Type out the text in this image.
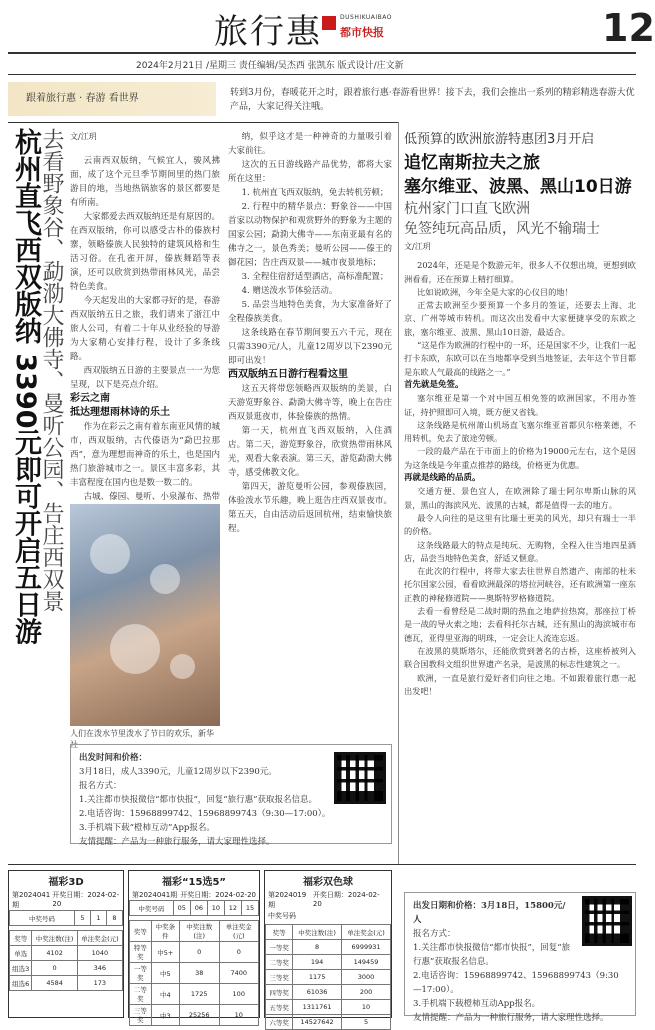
旅行惠	DUSHIKUAIBAO
都市快报	12
2024年2月21日 /星期三 责任编辑/吴杰西 张凯东 版式设计/庄文新
跟着旅行惠 · 春游 看世界	转到3月份，春暖花开之时，跟着旅行惠·春游看世界！接下去，我们会推出一系列的精彩精选春游大优产品，大家记得关注哦。
杭州直飞西双版纳 3390元即可开启五日游
去看野象谷、勐泐大佛寺、曼听公园、告庄西双景 文/江玥

云南西双版纳，气候宜人，骏风拂面，成了这个元旦季节期间里的热门旅游目的地，当地热锅旅客的景区都要是有所南。

大家都爱去西双版纳还是有原因的。在西双版纳，你可以感受古朴的傣族村寨，领略傣族人民独特的建筑风格和生活习俗。在孔雀开屏，傣族舞蹈等表演，还可以欣赏到热带雨林风光，品尝特色美食。

今天起发出的大家都寻好的是，春游西双版纳五日之旅，我们请来了浙江中旅人公司，有着二十年从业经验的导游为大家精心安排行程，设计了多条线路。

西双版纳五日游的主要景点一一为您呈现，以下是亮点介绍。

彩云之南
抵达理想雨林诗的乐土

作为在彩云之南有着东南亚风情的城市，西双版纳，古代傣语为“勐巴拉那西”，意为理想而神奇的乐土，也是国内热门旅游城市之一。景区丰富多彩，其丰富程度在国内也是数一数二的。

古城、傣园、曼听、小泉瀑布、热带

人们在泼水节里泼水了节日的欢乐，新华社

纳，似乎这才是一种神奇的力量吸引着大家前往。

这次的五日游线路产品优势，都将大家所在这里：

1. 杭州直飞西双版纳，免去转机劳顿；

2. 行程中的精华景点：野象谷——中国首家以动物保护和观赏野外的野象为主题的国家公园；勐泐大佛寺——东南亚最有名的佛寺之一，景色秀美；曼听公园——傣王的御花园；告庄西双景——城市夜景地标；

3. 全程住宿舒适型酒店，高标准配置；

4. 赠送泼水节体验活动。

5. 品尝当地特色美食，为大家准备好了全程傣族美食。

这条线路在春节期间要五六千元，现在只需3390元/人，儿童12周岁以下2390元即可出发！

西双版纳五日游行程看这里

这五天将带您领略西双版纳的美景，白天游览野象谷、勐泐大佛寺等，晚上在告庄西双景逛夜市，体验傣族的热情。

第一天，杭州直飞西双版纳，入住酒店。第二天，游览野象谷，欣赏热带雨林风光，观看大象表演。第三天，游览勐泐大佛寺，感受佛教文化。

第四天，游览曼听公园，参观傣族园，体验泼水节乐趣，晚上逛告庄西双景夜市。第五天，自由活动后返回杭州，结束愉快旅程。

出发时间和价格：
3月18日，成人3390元，儿童12周岁以下2390元。
报名方式：
1.关注都市快报微信“都市快报”，回复“旅行惠”获取报名信息。
2.电话咨询：15968899742、15968899743（9:30—17:00）。
3.手机端下载“橙柿互动”App报名。
友情提醒：产品为一种旅行服务，请大家理性选择。
低预算的欧洲旅游特惠团3月开启
追忆南斯拉夫之旅
塞尔维亚、波黑、黑山10日游
杭州家门口直飞欧洲
免签纯玩高品质，风光不输瑞士
文/江玥

2024年，还是是个数游元年，很多人不仅想出境，更想到欧洲看看，还在预算上精打细算。

比如说欧洲，今年全是大家的心仪目的地！

正常去欧洲至少要预算一个多月的签证，还要去上海、北京、广州等城市转机。而这次出发看中大家便捷享受的东欧之旅，塞尔维亚、波黑、黑山10日游，最适合。

“这是作为欧洲的行程中的一环，还是国家不少，让我们一起打卡东欧，东欧可以在当地都享受到当地签证，去年这个节目都是东欧人气最高的线路之一。”

首先就是免签。

塞尔维亚是第一个对中国互相免签的欧洲国家，不用办签证，持护照即可入境，既方便又省钱。

这条线路是杭州萧山机场直飞塞尔维亚首都贝尔格莱德，不用转机，免去了旅途劳顿。

一段的最产品在于市面上的价格为19000元左右，这个是因为这条线是今年重点推荐的路线，价格更为优惠。

再就是线路的品质。

交通方便、景色宜人，在欧洲除了瑞士阿尔卑斯山脉的风景，黑山的海滨风光、波黑的古城，都是值得一去的地方。

最令人向往的是这里有比瑞士更美的风光，却只有瑞士一半的价格。

这条线路最大的特点是纯玩、无购物，全程入住当地四星酒店，品尝当地特色美食，舒适又惬意。

在此次的行程中，将带大家去往世界自然遗产、南部的杜米托尔国家公园，看看欧洲最深的塔拉河峡谷，还有欧洲第一座东正教的神秘修道院——奥斯特罗格修道院。

去看一看曾经是二战时期的热血之地萨拉热窝，那座拉丁桥是一战的导火索之地；去看科托尔古城，还有黑山的海滨城市布德瓦，亚得里亚海的明珠，一定会让人流连忘返。

在波黑的莫斯塔尔，还能欣赏到著名的古桥，这座桥被列入联合国教科文组织世界遗产名录，是波黑的标志性建筑之一。

欧洲，一直是旅行爱好者们向往之地。不如跟着旅行惠一起出发吧！

福彩3D
第2024041期
开奖日期：2024-02-20
中奖号码	5	1	8
奖等	中奖注数(注)	单注奖金(元)
单选	4102	1040
组选3	0	346
组选6	4584	173
福彩“15选5”
第2024041期 开奖日期：2024-02-20
中奖号码	05	06	10	12	15
奖等	中奖条件	中奖注数(注)	单注奖金(元)
特等奖	中5+	0	0
一等奖	中5	38	7400
二等奖	中4	1725	100
三等奖	中3	25256	10
福彩双色球
第2024019期
开奖日期：2024-02-20
中奖号码
奖等	中奖注数(注)	单注奖金(元)
一等奖	8	6999931
二等奖	194	149459
三等奖	1175	3000
四等奖	61036	200
五等奖	1311761	10
六等奖	14527642	5
出发日期和价格：3月18日，15800元/人
报名方式：
1.关注都市快报微信“都市快报”，回复“旅行惠”获取报名信息。
2.电话咨询：15968899742、15968899743（9:30—17:00）。
3.手机端下载橙柿互动App报名。
友情提醒：产品为一种旅行服务，请大家理性选择。
